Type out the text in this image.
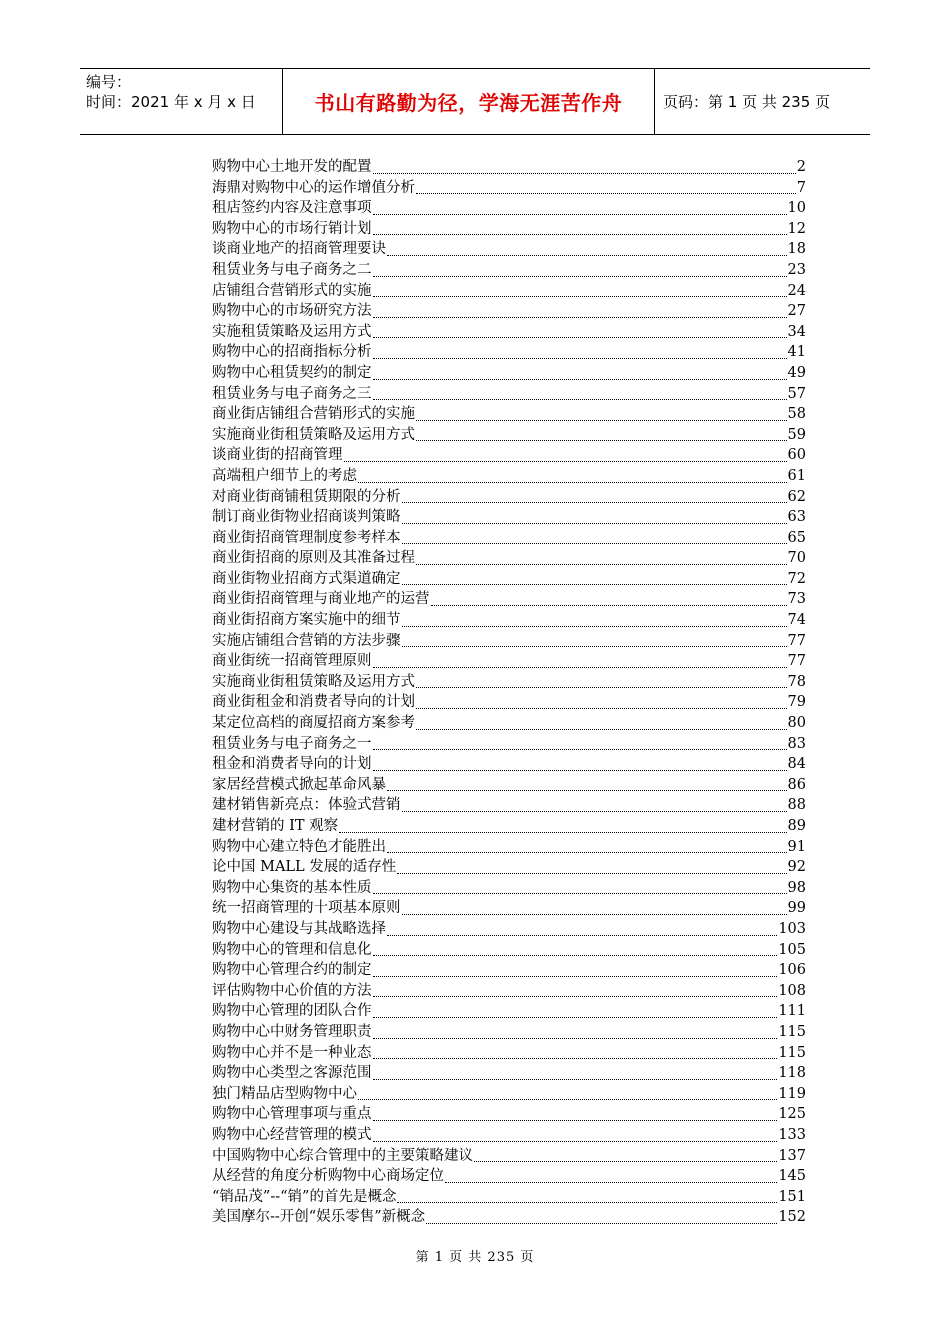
编号：
时间：2021 年 x 月 x 日	书山有路勤为径，学海无涯苦作舟	页码：第 1 页 共 235 页
购物中心土地开发的配置	2
海鼎对购物中心的运作增值分析	7
租店签约内容及注意事项	10
购物中心的市场行销计划	12
谈商业地产的招商管理要诀	18
租赁业务与电子商务之二	23
店铺组合营销形式的实施	24
购物中心的市场研究方法	27
实施租赁策略及运用方式	34
购物中心的招商指标分析	41
购物中心租赁契约的制定	49
租赁业务与电子商务之三	57
商业街店铺组合营销形式的实施	58
实施商业街租赁策略及运用方式	59
谈商业街的招商管理	60
高端租户细节上的考虑	61
对商业街商铺租赁期限的分析	62
制订商业街物业招商谈判策略	63
商业街招商管理制度参考样本	65
商业街招商的原则及其准备过程	70
商业街物业招商方式渠道确定	72
商业街招商管理与商业地产的运营	73
商业街招商方案实施中的细节	74
实施店铺组合营销的方法步骤	77
商业街统一招商管理原则	77
实施商业街租赁策略及运用方式	78
商业街租金和消费者导向的计划	79
某定位高档的商厦招商方案参考	80
租赁业务与电子商务之一	83
租金和消费者导向的计划	84
家居经营模式掀起革命风暴	86
建材销售新亮点：体验式营销	88
建材营销的 IT 观察	89
购物中心建立特色才能胜出	91
论中国 MALL 发展的适存性	92
购物中心集资的基本性质	98
统一招商管理的十项基本原则	99
购物中心建设与其战略选择	103
购物中心的管理和信息化	105
购物中心管理合约的制定	106
评估购物中心价值的方法	108
购物中心管理的团队合作	111
购物中心中财务管理职责	115
购物中心并不是一种业态	115
购物中心类型之客源范围	118
独门精品店型购物中心	119
购物中心管理事项与重点	125
购物中心经营管理的模式	133
中国购物中心综合管理中的主要策略建议	137
从经营的角度分析购物中心商场定位	145
“销品茂”--“销”的首先是概念	151
美国摩尔--开创“娱乐零售”新概念	152
第 1 页 共 235 页
